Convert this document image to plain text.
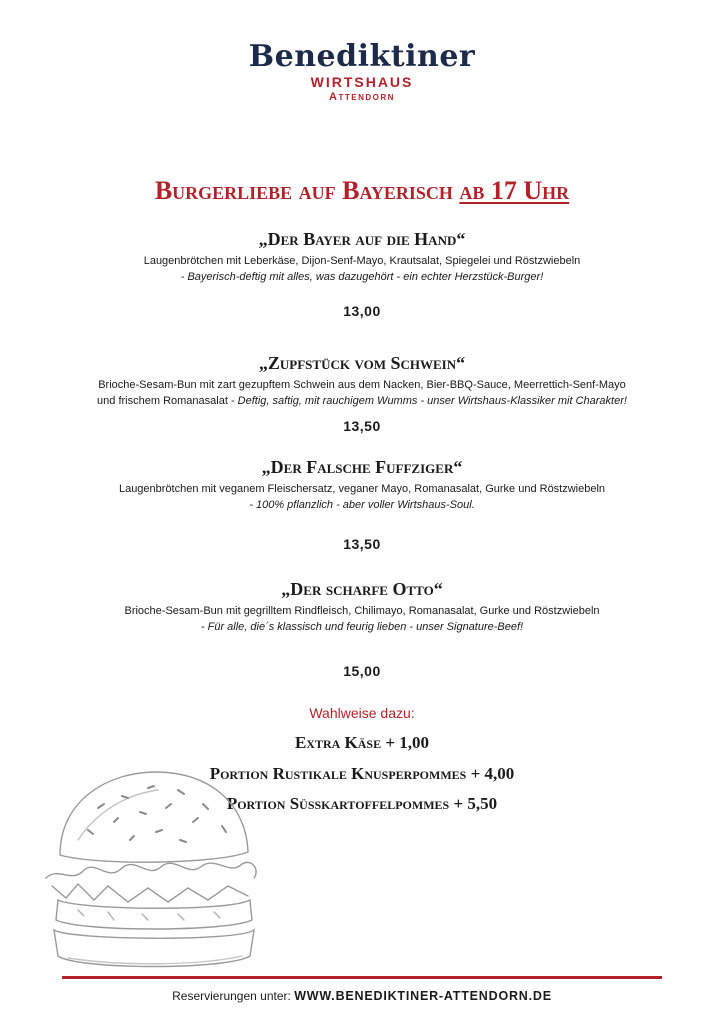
Benediktiner
WIRTSHAUS
Attendorn
Burgerliebe auf Bayerisch ab 17 Uhr
„Der Bayer auf die Hand“
Laugenbrötchen mit Leberkäse, Dijon-Senf-Mayo, Krautsalat, Spiegelei und Röstzwiebeln
- Bayerisch-deftig mit alles, was dazugehört - ein echter Herzstück-Burger!
13,00
„Zupfstück vom Schwein“
Brioche-Sesam-Bun mit zart gezupftem Schwein aus dem Nacken, Bier-BBQ-Sauce, Meerrettich-Senf-Mayo
und frischem Romanasalat - Deftig, saftig, mit rauchigem Wumms - unser Wirtshaus-Klassiker mit Charakter!
13,50
„Der Falsche Fuffziger“
Laugenbrötchen mit veganem Fleischersatz, veganer Mayo, Romanasalat, Gurke und Röstzwiebeln
- 100% pflanzlich - aber voller Wirtshaus-Soul.
13,50
„Der scharfe Otto“
Brioche-Sesam-Bun mit gegrilltem Rindfleisch, Chilimayo, Romanasalat, Gurke und Röstzwiebeln
- Für alle, die´s klassisch und feurig lieben - unser Signature-Beef!
15,00
Wahlweise dazu:
Extra Käse + 1,00
Portion Rustikale Knusperpommes + 4,00
Portion Süsskartoffelpommes + 5,50
Reservierungen unter: WWW.BENEDIKTINER-ATTENDORN.DE
